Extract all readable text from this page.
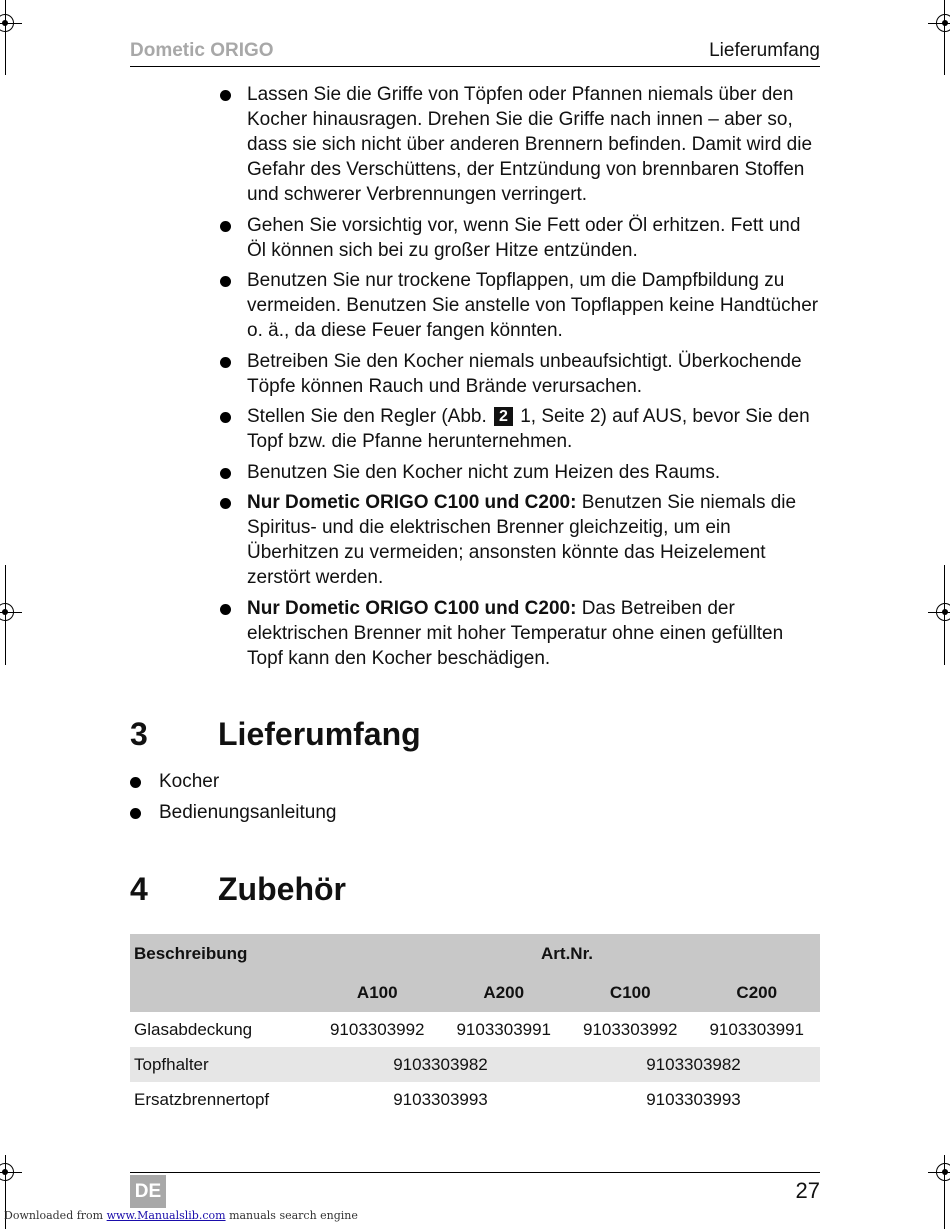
Dometic ORIGO	Lieferumfang
Lassen Sie die Griffe von Töpfen oder Pfannen niemals über den Kocher hinausragen. Drehen Sie die Griffe nach innen – aber so, dass sie sich nicht über anderen Brennern befinden. Damit wird die Gefahr des Verschüttens, der Entzündung von brennbaren Stoffen und schwerer Verbrennungen verringert.
Gehen Sie vorsichtig vor, wenn Sie Fett oder Öl erhitzen. Fett und Öl können sich bei zu großer Hitze entzünden.
Benutzen Sie nur trockene Topflappen, um die Dampfbildung zu vermeiden. Benutzen Sie anstelle von Topflappen keine Handtücher o. ä., da diese Feuer fangen könnten.
Betreiben Sie den Kocher niemals unbeaufsichtigt. Überkochende Töpfe können Rauch und Brände verursachen.
Stellen Sie den Regler (Abb. 2 1, Seite 2) auf AUS, bevor Sie den Topf bzw. die Pfanne herunternehmen.
Benutzen Sie den Kocher nicht zum Heizen des Raums.
Nur Dometic ORIGO C100 und C200: Benutzen Sie niemals die Spiritus- und die elektrischen Brenner gleichzeitig, um ein Überhitzen zu vermeiden; ansonsten könnte das Heizelement zerstört werden.
Nur Dometic ORIGO C100 und C200: Das Betreiben der elektrischen Brenner mit hoher Temperatur ohne einen gefüllten Topf kann den Kocher beschädigen.
3 Lieferumfang
Kocher
Bedienungsanleitung
4 Zubehör
Beschreibung	Art.Nr.			
	A100	A200	C100	C200
Glasabdeckung	9103303992	9103303991	9103303992	9103303991
Topfhalter	9103303982		9103303982	
Ersatzbrennertopf	9103303993		9103303993	
DE	27
Downloaded from www.Manualslib.com manuals search engine
